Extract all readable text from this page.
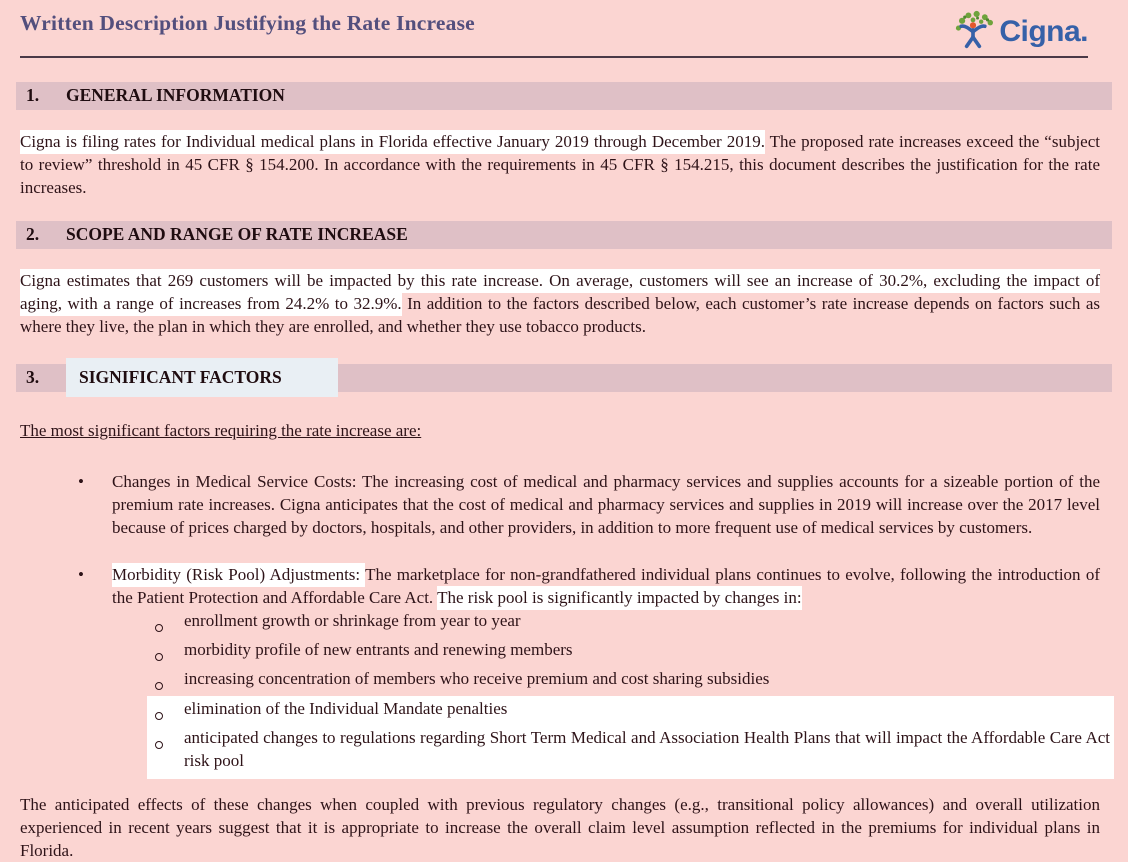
Written Description Justifying the Rate Increase	Cigna.
1. GENERAL INFORMATION
Cigna is filing rates for Individual medical plans in Florida effective January 2019 through December 2019. The proposed rate increases exceed the “subject to review” threshold in 45 CFR § 154.200. In accordance with the requirements in 45 CFR § 154.215, this document describes the justification for the rate increases.
2. SCOPE AND RANGE OF RATE INCREASE
Cigna estimates that 269 customers will be impacted by this rate increase. On average, customers will see an increase of 30.2%, excluding the impact of aging, with a range of increases from 24.2% to 32.9%. In addition to the factors described below, each customer’s rate increase depends on factors such as where they live, the plan in which they are enrolled, and whether they use tobacco products.
3. SIGNIFICANT FACTORS
The most significant factors requiring the rate increase are:
•	Changes in Medical Service Costs: The increasing cost of medical and pharmacy services and supplies accounts for a sizeable portion of the premium rate increases. Cigna anticipates that the cost of medical and pharmacy services and supplies in 2019 will increase over the 2017 level because of prices charged by doctors, hospitals, and other providers, in addition to more frequent use of medical services by customers.
•	Morbidity (Risk Pool) Adjustments: The marketplace for non-grandfathered individual plans continues to evolve, following the introduction of the Patient Protection and Affordable Care Act. The risk pool is significantly impacted by changes in:
enrollment growth or shrinkage from year to year
morbidity profile of new entrants and renewing members
increasing concentration of members who receive premium and cost sharing subsidies
elimination of the Individual Mandate penalties
anticipated changes to regulations regarding Short Term Medical and Association Health Plans that will impact the Affordable Care Act risk pool
The anticipated effects of these changes when coupled with previous regulatory changes (e.g., transitional policy allowances) and overall utilization experienced in recent years suggest that it is appropriate to increase the overall claim level assumption reflected in the premiums for individual plans in Florida.
